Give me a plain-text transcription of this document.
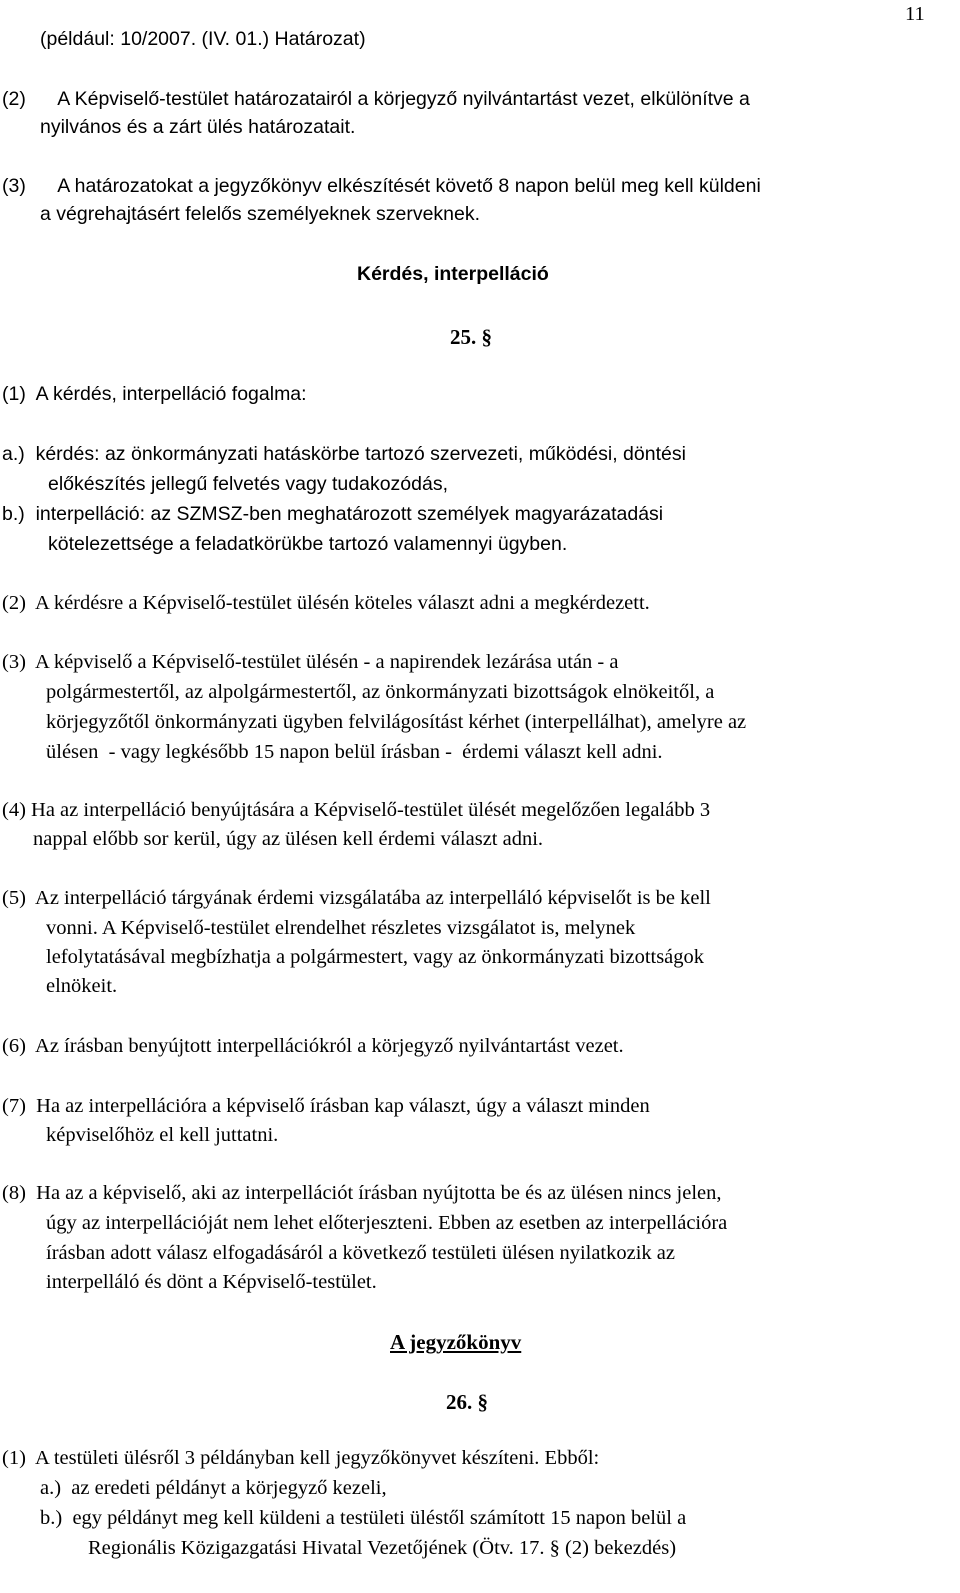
11
(például: 10/2007. (IV. 01.) Határozat)
(2)      A Képviselő-testület határozatairól a körjegyző nyilvántartást vezet, elkülönítve a
nyilvános és a zárt ülés határozatait.
(3)      A határozatokat a jegyzőkönyv elkészítését követő 8 napon belül meg kell küldeni
a végrehajtásért felelős személyeknek szerveknek.
Kérdés, interpelláció
25. §
(1)  A kérdés, interpelláció fogalma:
a.)  kérdés: az önkormányzati hatáskörbe tartozó szervezeti, működési, döntési
előkészítés jellegű felvetés vagy tudakozódás,
b.)  interpelláció: az SZMSZ-ben meghatározott személyek magyarázatadási
kötelezettsége a feladatkörükbe tartozó valamennyi ügyben.
(2)  A kérdésre a Képviselő-testület ülésén köteles választ adni a megkérdezett.
(3)  A képviselő a Képviselő-testület ülésén - a napirendek lezárása után - a
polgármestertől, az alpolgármestertől, az önkormányzati bizottságok elnökeitől, a
körjegyzőtől önkormányzati ügyben felvilágosítást kérhet (interpellálhat), amelyre az
ülésen  - vagy legkésőbb 15 napon belül írásban -  érdemi választ kell adni.
(4) Ha az interpelláció benyújtására a Képviselő-testület ülését megelőzően legalább 3
nappal előbb sor kerül, úgy az ülésen kell érdemi választ adni.
(5)  Az interpelláció tárgyának érdemi vizsgálatába az interpelláló képviselőt is be kell
vonni. A Képviselő-testület elrendelhet részletes vizsgálatot is, melynek
lefolytatásával megbízhatja a polgármestert, vagy az önkormányzati bizottságok
elnökeit.
(6)  Az írásban benyújtott interpellációkról a körjegyző nyilvántartást vezet.
(7)  Ha az interpellációra a képviselő írásban kap választ, úgy a választ minden
képviselőhöz el kell juttatni.
(8)  Ha az a képviselő, aki az interpellációt írásban nyújtotta be és az ülésen nincs jelen,
úgy az interpellációját nem lehet előterjeszteni. Ebben az esetben az interpellációra
írásban adott válasz elfogadásáról a következő testületi ülésen nyilatkozik az
interpelláló és dönt a Képviselő-testület.
A jegyzőkönyv
26. §
(1)  A testületi ülésről 3 példányban kell jegyzőkönyvet készíteni. Ebből:
a.)  az eredeti példányt a körjegyző kezeli,
b.)  egy példányt meg kell küldeni a testületi üléstől számított 15 napon belül a
Regionális Közigazgatási Hivatal Vezetőjének (Ötv. 17. § (2) bekezdés)
